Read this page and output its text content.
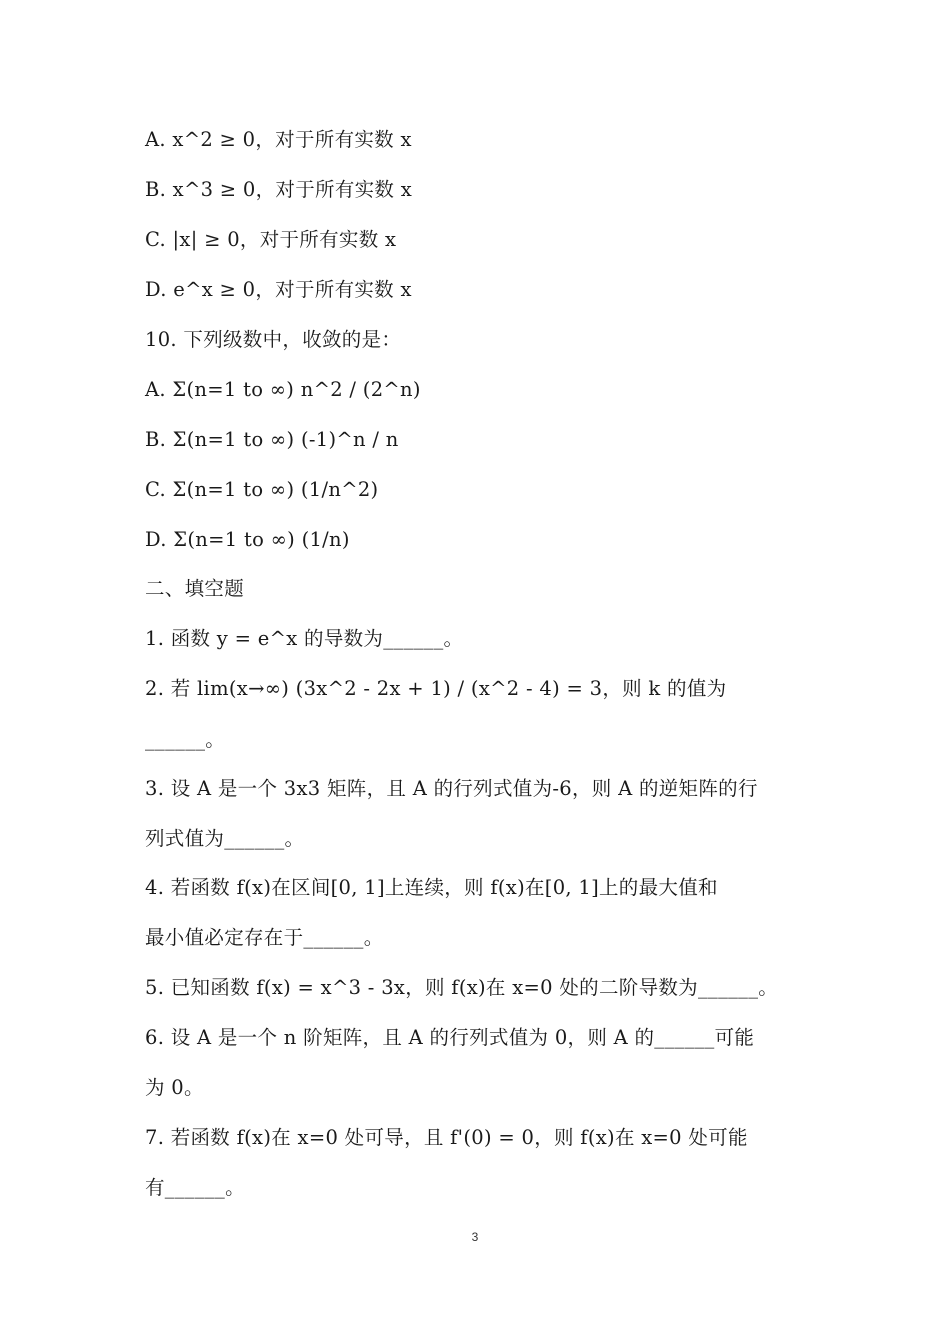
A. x^2 ≥ 0，对于所有实数 x
B. x^3 ≥ 0，对于所有实数 x
C. |x| ≥ 0，对于所有实数 x
D. e^x ≥ 0，对于所有实数 x
10. 下列级数中，收敛的是：
A. Σ(n=1 to ∞) n^2 / (2^n)
B. Σ(n=1 to ∞) (-1)^n / n
C. Σ(n=1 to ∞) (1/n^2)
D. Σ(n=1 to ∞) (1/n)
二、填空题
1. 函数 y = e^x 的导数为______。
2. 若 lim(x→∞) (3x^2 - 2x + 1) / (x^2 - 4) = 3，则 k 的值为
______。
3. 设 A 是一个 3x3 矩阵，且 A 的行列式值为-6，则 A 的逆矩阵的行
列式值为______。
4. 若函数 f(x)在区间[0, 1]上连续，则 f(x)在[0, 1]上的最大值和
最小值必定存在于______。
5. 已知函数 f(x) = x^3 - 3x，则 f(x)在 x=0 处的二阶导数为______。
6. 设 A 是一个 n 阶矩阵，且 A 的行列式值为 0，则 A 的______可能
为 0。
7. 若函数 f(x)在 x=0 处可导，且 f'(0) = 0，则 f(x)在 x=0 处可能
有______。
3
